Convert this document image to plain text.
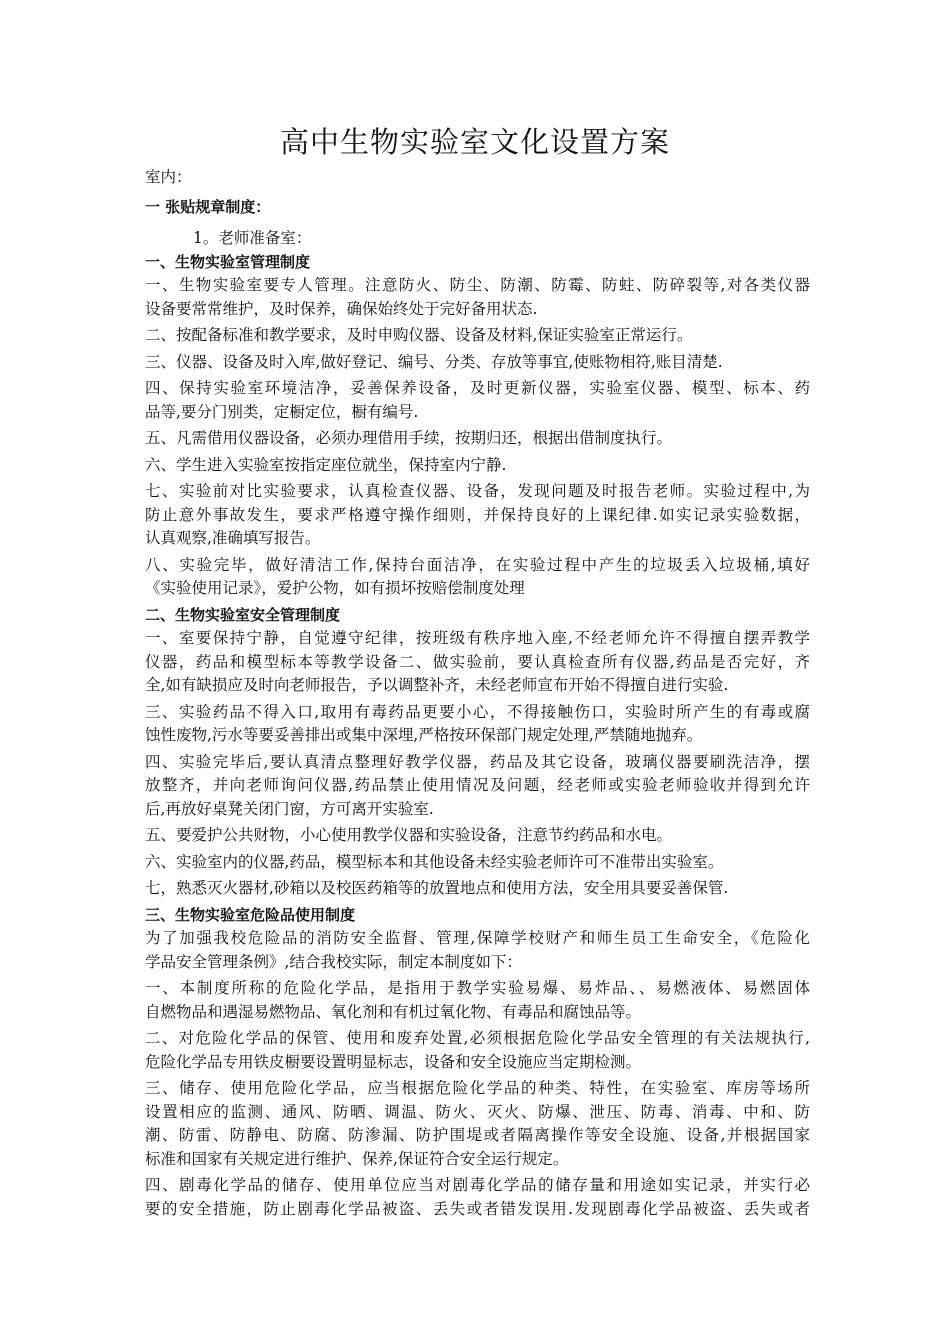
高中生物实验室文化设置方案
室内：
一 张贴规章制度：
1。老师准备室：
一、生物实验室管理制度
一、生物实验室要专人管理。注意防火、防尘、防潮、防霉、防蛀、防碎裂等,对各类仪器
设备要常常维护，及时保养，确保始终处于完好备用状态.
二、按配备标准和教学要求，及时申购仪器、设备及材料,保证实验室正常运行。
三、仪器、设备及时入库,做好登记、编号、分类、存放等事宜,使账物相符,账目清楚.
四、保持实验室环境洁净，妥善保养设备，及时更新仪器，实验室仪器、模型、标本、药
品等,要分门别类，定橱定位，橱有编号.
五、凡需借用仪器设备，必须办理借用手续，按期归还，根据出借制度执行。
六、学生进入实验室按指定座位就坐，保持室内宁静.
七、实验前对比实验要求，认真检查仪器、设备，发现问题及时报告老师。实验过程中,为
防止意外事故发生，要求严格遵守操作细则，并保持良好的上课纪律.如实记录实验数据，
认真观察,准确填写报告。
八、实验完毕，做好清洁工作,保持台面洁净，在实验过程中产生的垃圾丢入垃圾桶,填好
《实验使用记录》，爱护公物，如有损坏按赔偿制度处理
二、生物实验室安全管理制度
一、室要保持宁静，自觉遵守纪律，按班级有秩序地入座,不经老师允许不得擅自摆弄教学
仪器，药品和模型标本等教学设备二、做实验前，要认真检查所有仪器,药品是否完好，齐
全,如有缺损应及时向老师报告，予以调整补齐，未经老师宣布开始不得擅自进行实验.
三、实验药品不得入口,取用有毒药品更要小心，不得接触伤口，实验时所产生的有毒或腐
蚀性废物,污水等要妥善排出或集中深埋,严格按环保部门规定处理,严禁随地抛弃。
四、实验完毕后,要认真清点整理好教学仪器，药品及其它设备，玻璃仪器要刷洗洁净，摆
放整齐，并向老师询问仪器,药品禁止使用情况及问题，经老师或实验老师验收并得到允许
后,再放好桌凳关闭门窗，方可离开实验室.
五、要爱护公共财物，小心使用教学仪器和实验设备，注意节约药品和水电。
六、实验室内的仪器,药品，模型标本和其他设备未经实验老师许可不准带出实验室。
七，熟悉灭火器材,砂箱以及校医药箱等的放置地点和使用方法，安全用具要妥善保管.
三、生物实验室危险品使用制度
为了加强我校危险品的消防安全监督、管理,保障学校财产和师生员工生命安全，《危险化
学品安全管理条例》,结合我校实际，制定本制度如下：
一、本制度所称的危险化学品，是指用于教学实验易爆、易炸品、、易燃液体、易燃固体
自燃物品和遇湿易燃物品、氧化剂和有机过氧化物、有毒品和腐蚀品等。
二、对危险化学品的保管、使用和废弃处置,必须根据危险化学品安全管理的有关法规执行,
危险化学品专用铁皮橱要设置明显标志，设备和安全设施应当定期检测。
三、储存、使用危险化学品，应当根据危险化学品的种类、特性，在实验室、库房等场所
设置相应的监测、通风、防晒、调温、防火、灭火、防爆、泄压、防毒、消毒、中和、防
潮、防雷、防静电、防腐、防渗漏、防护围堤或者隔离操作等安全设施、设备,并根据国家
标准和国家有关规定进行维护、保养,保证符合安全运行规定。
四、剧毒化学品的储存、使用单位应当对剧毒化学品的储存量和用途如实记录，并实行必
要的安全措施，防止剧毒化学品被盗、丢失或者错发误用.发现剧毒化学品被盗、丢失或者
